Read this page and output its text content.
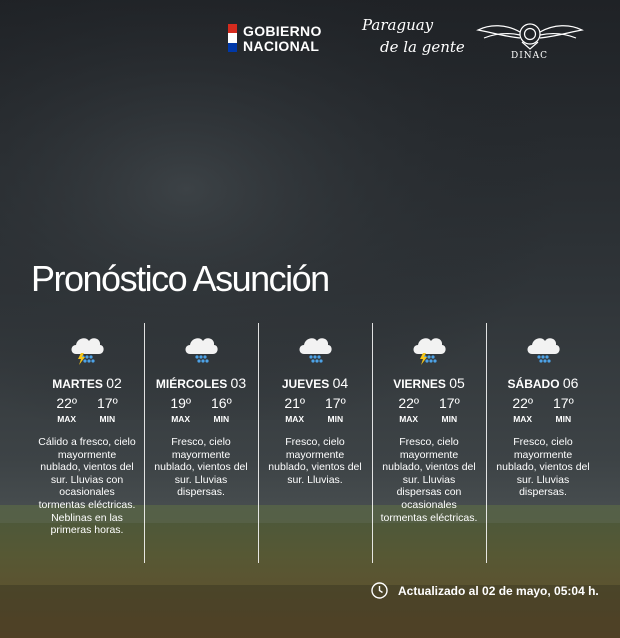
GOBIERNO
NACIONAL
Paraguay
de la gente	DINAC
Pronóstico Asunción
MARTES 02
22º
MAX
17º
MIN
Cálido a fresco, cielo mayormente nublado, vientos del sur. Lluvias con ocasionales tormentas eléctricas. Neblinas en las primeras horas.
MIÉRCOLES 03
19º
MAX
16º
MIN
Fresco, cielo mayormente nublado, vientos del sur. Lluvias dispersas.
JUEVES 04
21º
MAX
17º
MIN
Fresco, cielo mayormente nublado, vientos del sur. Lluvias.
VIERNES 05
22º
MAX
17º
MIN
Fresco, cielo mayormente nublado, vientos del sur. Lluvias dispersas con ocasionales tormentas eléctricas.
SÁBADO 06
22º
MAX
17º
MIN
Fresco, cielo mayormente nublado, vientos del sur. Lluvias dispersas.
Actualizado al 02 de mayo, 05:04 h.
